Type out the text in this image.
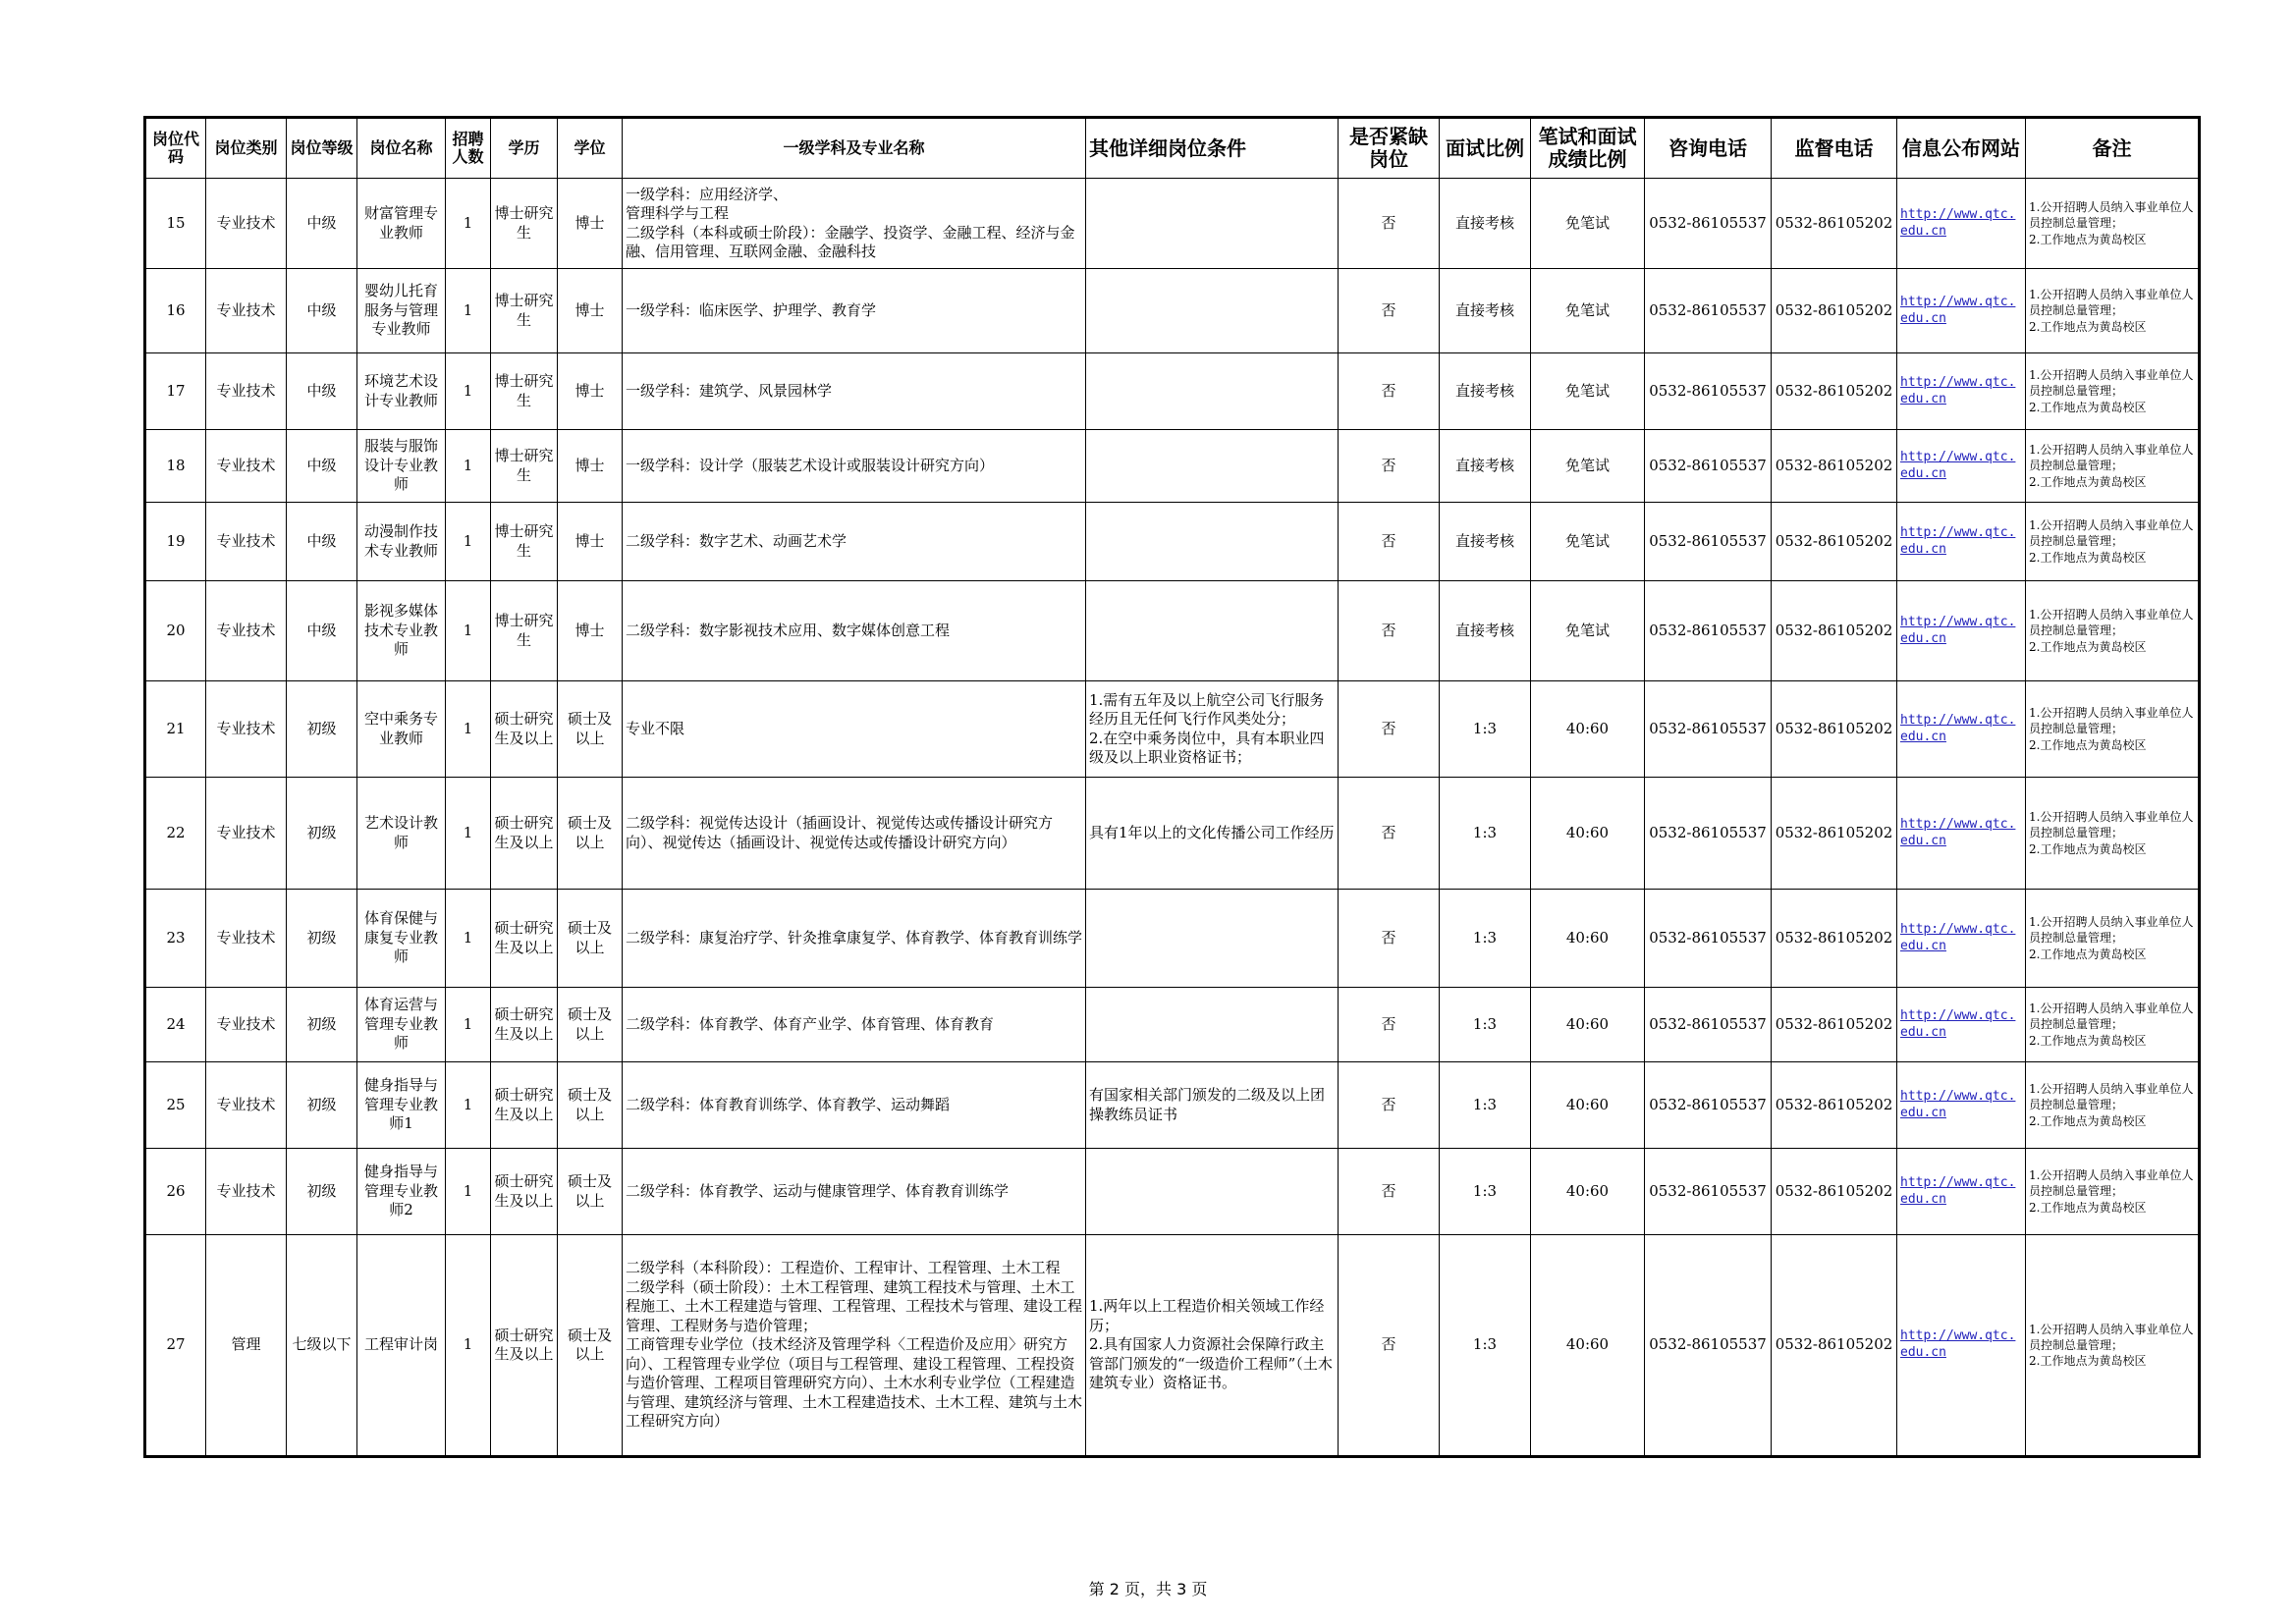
岗位代码	岗位类别	岗位等级	岗位名称	招聘人数	学历	学位	一级学科及专业名称	其他详细岗位条件	是否紧缺岗位	面试比例	笔试和面试成绩比例	咨询电话	监督电话	信息公布网站	备注
15	专业技术	中级	财富管理专业教师	1	博士研究生	博士	一级学科：应用经济学、
管理科学与工程
二级学科（本科或硕士阶段）：金融学、投资学、金融工程、经济与金融、信用管理、互联网金融、金融科技		否	直接考核	免笔试	0532-86105537	0532-86105202	http://www.qtc.edu.cn	1.公开招聘人员纳入事业单位人员控制总量管理；
2.工作地点为黄岛校区
16	专业技术	中级	婴幼儿托育服务与管理专业教师	1	博士研究生	博士	一级学科：临床医学、护理学、教育学		否	直接考核	免笔试	0532-86105537	0532-86105202	http://www.qtc.edu.cn	1.公开招聘人员纳入事业单位人员控制总量管理；
2.工作地点为黄岛校区
17	专业技术	中级	环境艺术设计专业教师	1	博士研究生	博士	一级学科：建筑学、风景园林学		否	直接考核	免笔试	0532-86105537	0532-86105202	http://www.qtc.edu.cn	1.公开招聘人员纳入事业单位人员控制总量管理；
2.工作地点为黄岛校区
18	专业技术	中级	服装与服饰设计专业教师	1	博士研究生	博士	一级学科：设计学（服装艺术设计或服装设计研究方向）		否	直接考核	免笔试	0532-86105537	0532-86105202	http://www.qtc.edu.cn	1.公开招聘人员纳入事业单位人员控制总量管理；
2.工作地点为黄岛校区
19	专业技术	中级	动漫制作技术专业教师	1	博士研究生	博士	二级学科：数字艺术、动画艺术学		否	直接考核	免笔试	0532-86105537	0532-86105202	http://www.qtc.edu.cn	1.公开招聘人员纳入事业单位人员控制总量管理；
2.工作地点为黄岛校区
20	专业技术	中级	影视多媒体技术专业教师	1	博士研究生	博士	二级学科：数字影视技术应用、数字媒体创意工程		否	直接考核	免笔试	0532-86105537	0532-86105202	http://www.qtc.edu.cn	1.公开招聘人员纳入事业单位人员控制总量管理；
2.工作地点为黄岛校区
21	专业技术	初级	空中乘务专业教师	1	硕士研究生及以上	硕士及以上	专业不限	1.需有五年及以上航空公司飞行服务经历且无任何飞行作风类处分；
2.在空中乘务岗位中，具有本职业四级及以上职业资格证书；	否	1:3	40:60	0532-86105537	0532-86105202	http://www.qtc.edu.cn	1.公开招聘人员纳入事业单位人员控制总量管理；
2.工作地点为黄岛校区
22	专业技术	初级	艺术设计教师	1	硕士研究生及以上	硕士及以上	二级学科：视觉传达设计（插画设计、视觉传达或传播设计研究方向）、视觉传达（插画设计、视觉传达或传播设计研究方向）	具有1年以上的文化传播公司工作经历	否	1:3	40:60	0532-86105537	0532-86105202	http://www.qtc.edu.cn	1.公开招聘人员纳入事业单位人员控制总量管理；
2.工作地点为黄岛校区
23	专业技术	初级	体育保健与康复专业教师	1	硕士研究生及以上	硕士及以上	二级学科：康复治疗学、针灸推拿康复学、体育教学、体育教育训练学		否	1:3	40:60	0532-86105537	0532-86105202	http://www.qtc.edu.cn	1.公开招聘人员纳入事业单位人员控制总量管理；
2.工作地点为黄岛校区
24	专业技术	初级	体育运营与管理专业教师	1	硕士研究生及以上	硕士及以上	二级学科：体育教学、体育产业学、体育管理、体育教育		否	1:3	40:60	0532-86105537	0532-86105202	http://www.qtc.edu.cn	1.公开招聘人员纳入事业单位人员控制总量管理；
2.工作地点为黄岛校区
25	专业技术	初级	健身指导与管理专业教师1	1	硕士研究生及以上	硕士及以上	二级学科：体育教育训练学、体育教学、运动舞蹈	有国家相关部门颁发的二级及以上团操教练员证书	否	1:3	40:60	0532-86105537	0532-86105202	http://www.qtc.edu.cn	1.公开招聘人员纳入事业单位人员控制总量管理；
2.工作地点为黄岛校区
26	专业技术	初级	健身指导与管理专业教师2	1	硕士研究生及以上	硕士及以上	二级学科：体育教学、运动与健康管理学、体育教育训练学		否	1:3	40:60	0532-86105537	0532-86105202	http://www.qtc.edu.cn	1.公开招聘人员纳入事业单位人员控制总量管理；
2.工作地点为黄岛校区
27	管理	七级以下	工程审计岗	1	硕士研究生及以上	硕士及以上	二级学科（本科阶段）：工程造价、工程审计、工程管理、土木工程
二级学科（硕士阶段）：土木工程管理、建筑工程技术与管理、土木工程施工、土木工程建造与管理、工程管理、工程技术与管理、建设工程管理、工程财务与造价管理；
工商管理专业学位（技术经济及管理学科〈工程造价及应用〉研究方向）、工程管理专业学位（项目与工程管理、建设工程管理、工程投资与造价管理、工程项目管理研究方向）、土木水利专业学位（工程建造与管理、建筑经济与管理、土木工程建造技术、土木工程、建筑与土木工程研究方向）	1.两年以上工程造价相关领域工作经历；
2.具有国家人力资源社会保障行政主管部门颁发的“一级造价工程师”（土木建筑专业）资格证书。	否	1:3	40:60	0532-86105537	0532-86105202	http://www.qtc.edu.cn	1.公开招聘人员纳入事业单位人员控制总量管理；
2.工作地点为黄岛校区
第 2 页，共 3 页
